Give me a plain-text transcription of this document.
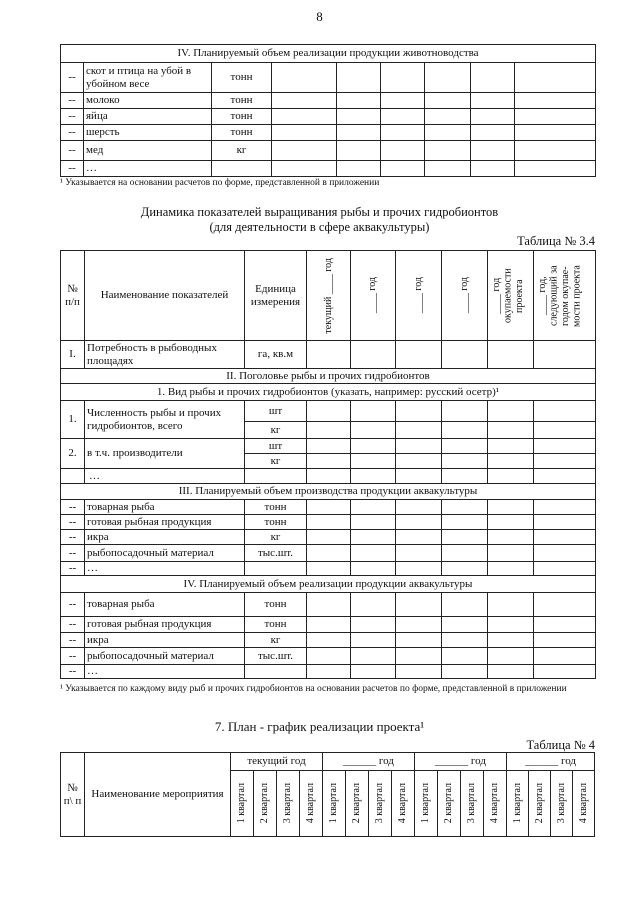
8
IV. Планируемый объем реализации продукции животноводства								
--	скот и птица на убой в убойном весе	тонн						
--	молоко	тонн						
--	яйца	тонн						
--	шерсть	тонн						
--	мед	кг						
--	…							
¹ Указывается на основании расчетов по форме, представленной в приложении
Динамика показателей выращивания рыбы и прочих гидробионтов
(для деятельности в сфере аквакультуры)
Таблица № 3.4
№ п/п	Наименование показателей	Единица измерения	текущий ____ год	____ год	____ год	____ год	____ год окупаемости проекта	____ год, следующий за годом окупае-мости проекта

I.	Потребность в рыбоводных площадях	га, кв.м						
II. Поголовье рыбы и прочих гидробионтов								
1. Вид рыбы и прочих гидробионтов (указать, например: русский осетр)¹								
1.	Численность рыбы и прочих гидробионтов, всего	шт						
		кг						
2.	в т.ч. производители	шт						
		кг						
	…							
III. Планируемый объем производства продукции аквакультуры								
--	товарная рыба	тонн						
--	готовая рыбная продукция	тонн						
--	икра	кг						
--	рыбопосадочный материал	тыс.шт.						
--	…							
IV. Планируемый объем реализации продукции аквакультуры								
--	товарная рыба	тонн						
--	готовая рыбная продукция	тонн						
--	икра	кг						
--	рыбопосадочный материал	тыс.шт.						
--	…							
¹ Указывается по каждому виду рыб и прочих гидробионтов на основании расчетов по форме, представленной в приложении
7. План - график реализации проекта¹
Таблица № 4
№ п\ п	Наименование мероприятия	текущий год				______ год				______ год				______ год			

		1 квартал	2 квартал	3 квартал	4 квартал	1 квартал	2 квартал	3 квартал	4 квартал	1 квартал	2 квартал	3 квартал	4 квартал	1 квартал	2 квартал	3 квартал	4 квартал
